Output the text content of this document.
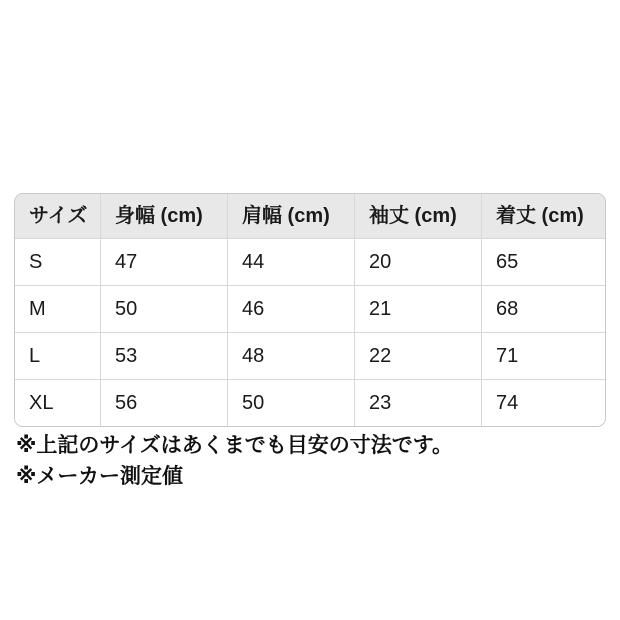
サイズ	身幅 (cm)	肩幅 (cm)	袖丈 (cm)	着丈 (cm)
S	47	44	20	65
M	50	46	21	68
L	53	48	22	71
XL	56	50	23	74
※上記のサイズはあくまでも目安の寸法です。
※メーカー測定値
